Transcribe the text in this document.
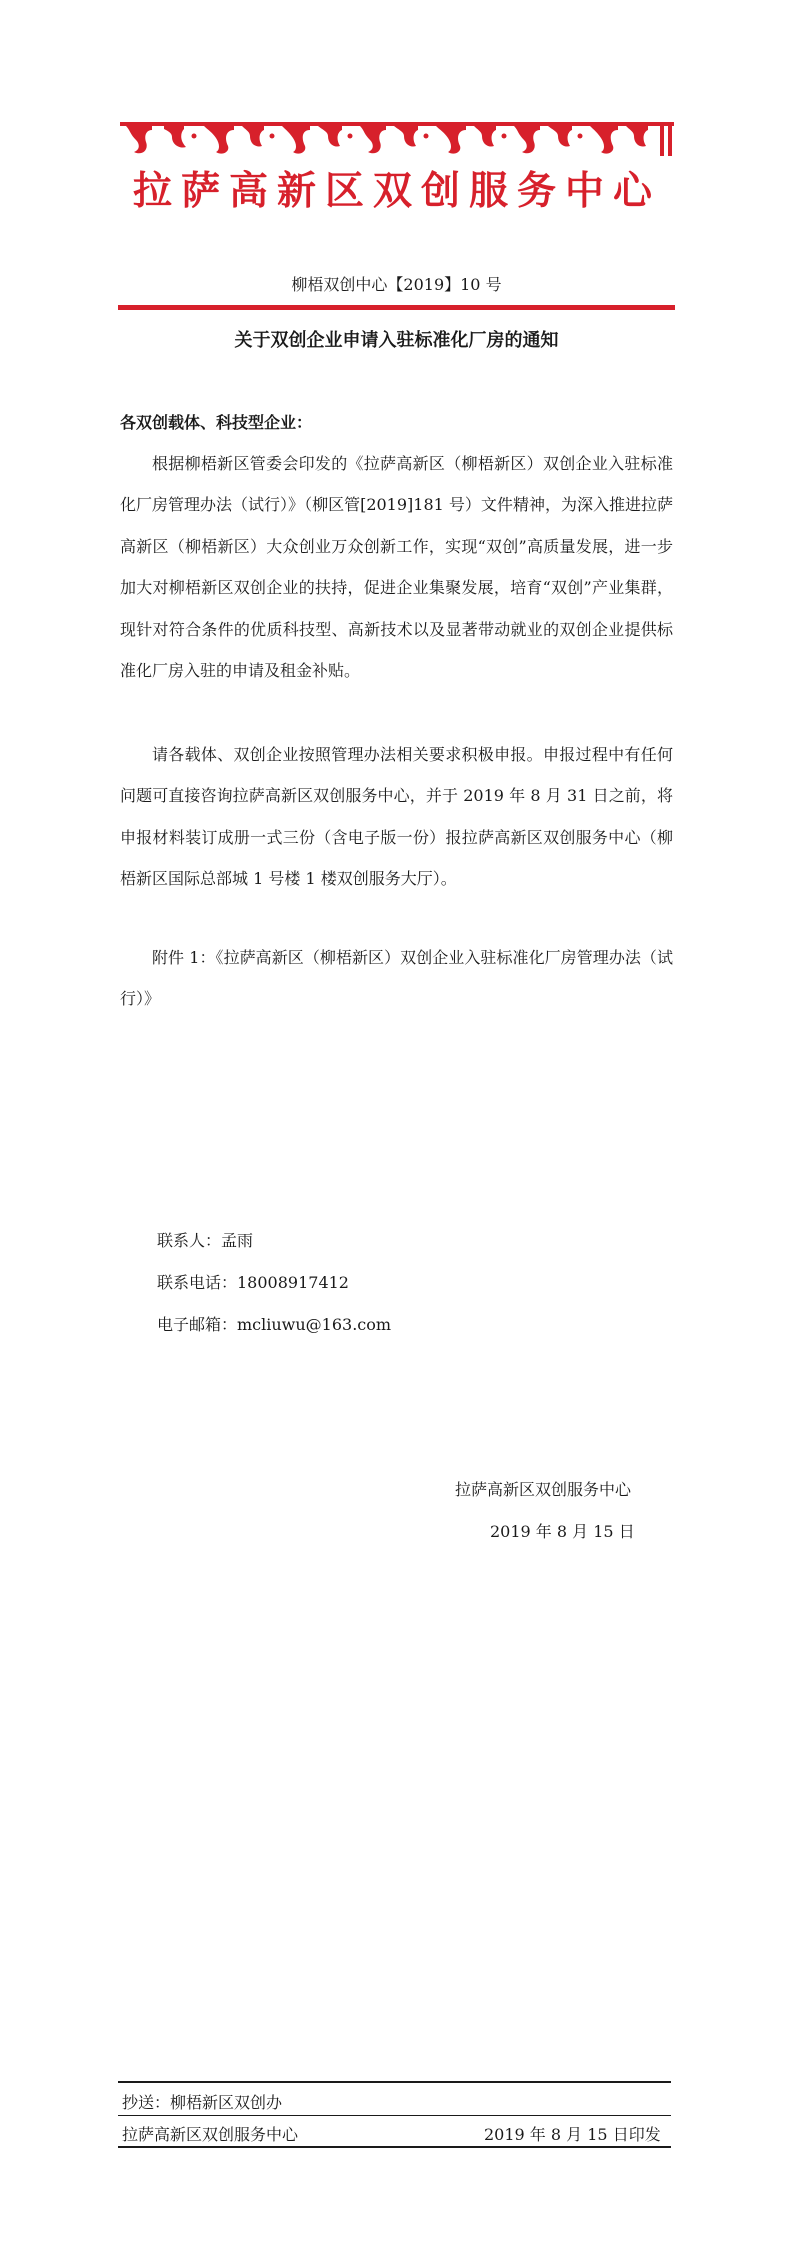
拉萨高新区双创服务中心
柳梧双创中心【2019】10 号
关于双创企业申请入驻标准化厂房的通知
各双创载体、科技型企业：

根据柳梧新区管委会印发的《拉萨高新区（柳梧新区）双创企业入驻标准化厂房管理办法（试行）》（柳区管[2019]181 号）文件精神，为深入推进拉萨高新区（柳梧新区）大众创业万众创新工作，实现“双创”高质量发展，进一步加大对柳梧新区双创企业的扶持，促进企业集聚发展，培育“双创”产业集群，现针对符合条件的优质科技型、高新技术以及显著带动就业的双创企业提供标准化厂房入驻的申请及租金补贴。

请各载体、双创企业按照管理办法相关要求积极申报。申报过程中有任何问题可直接咨询拉萨高新区双创服务中心，并于 2019 年 8 月 31 日之前，将申报材料装订成册一式三份（含电子版一份）报拉萨高新区双创服务中心（柳梧新区国际总部城 1 号楼 1 楼双创服务大厅）。

附件 1：《拉萨高新区（柳梧新区）双创企业入驻标准化厂房管理办法（试行）》

联系人：孟雨
联系电话：18008917412
电子邮箱：mcliuwu@163.com
拉萨高新区双创服务中心
2019 年 8 月 15 日
抄送：柳梧新区双创办
拉萨高新区双创服务中心	2019 年 8 月 15 日印发
